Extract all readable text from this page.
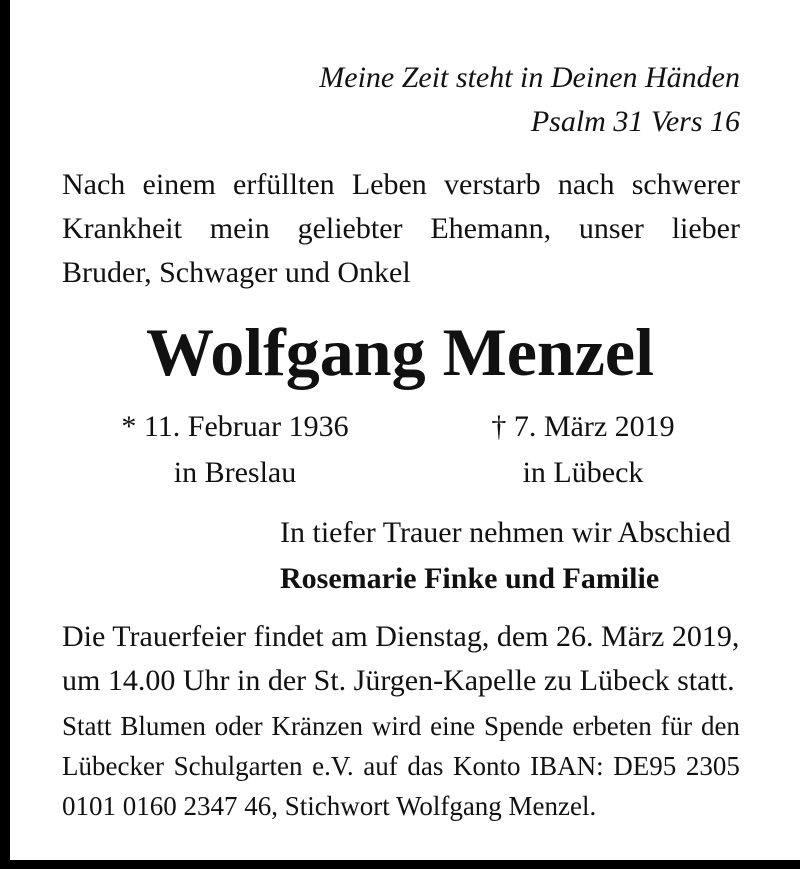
Meine Zeit steht in Deinen Händen
Psalm 31 Vers 16
Nach einem erfüllten Leben verstarb nach schwerer
Krankheit mein geliebter Ehemann, unser lieber
Bruder, Schwager und Onkel
Wolfgang Menzel
* 11. Februar 1936
in Breslau
† 7. März 2019
in Lübeck
In tiefer Trauer nehmen wir Abschied
Rosemarie Finke und Familie
Die Trauerfeier findet am Dienstag, dem 26. März 2019,
um 14.00 Uhr in der St. Jürgen-Kapelle zu Lübeck statt.
Statt Blumen oder Kränzen wird eine Spende erbeten für den
Lübecker Schulgarten e.V. auf das Konto IBAN: DE95 2305
0101 0160 2347 46, Stichwort Wolfgang Menzel.
